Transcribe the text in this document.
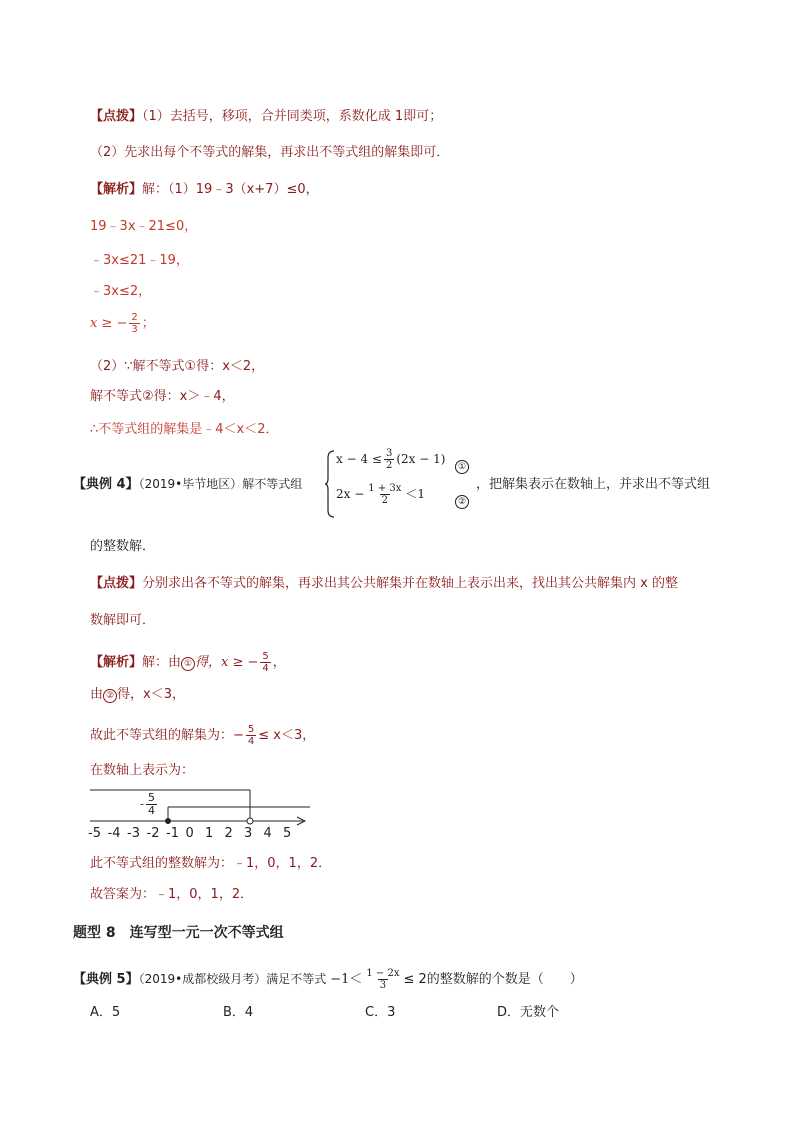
【点拨】（1）去括号，移项，合并同类项，系数化成 1即可；
（2）先求出每个不等式的解集，再求出不等式组的解集即可．
【解析】解：（1）19﹣3（x+7）≤0，
19﹣3x﹣21≤0，
﹣3x≤21﹣19，
﹣3x≤2，
x ≥ − $\frac{2}{3}$ ；
（2）∵解不等式①得：x＜2，
解不等式②得：x＞﹣4，
∴不等式组的解集是﹣4＜x＜2．
【典例 4】（2019•毕节地区）解不等式组
$x - 4 \le \frac{3}{2} (2x - 1)$
①
$2x - \frac{1 + 3x}{2} <1$
②
，把解集表示在数轴上，并求出不等式组
的整数解．
【点拨】分别求出各不等式的解集，再求出其公共解集并在数轴上表示出来，找出其公共解集内 x 的整
数解即可．
【解析】解：由 ① 得，x ≥ − $\frac{5}{4}$ ，
由 ② 得，x＜3，
故此不等式组的解集为：− $\frac{5}{4} \le x<3$，
在数轴上表示为：
- $\frac{5}{4}$
-5 -4 -3 -2 -1 0 1 2 3 4 5
此不等式组的整数解为：﹣1，0，1，2．
故答案为：﹣1，0，1，2．
题型 8 连写型一元一次不等式组
【典例 5】（2019•成都校级月考）满足不等式 $-1< \frac{1 - 2x}{3} \le 2$的整数解的个数是（　　）
A．5	B．4	C．3	D．无数个
